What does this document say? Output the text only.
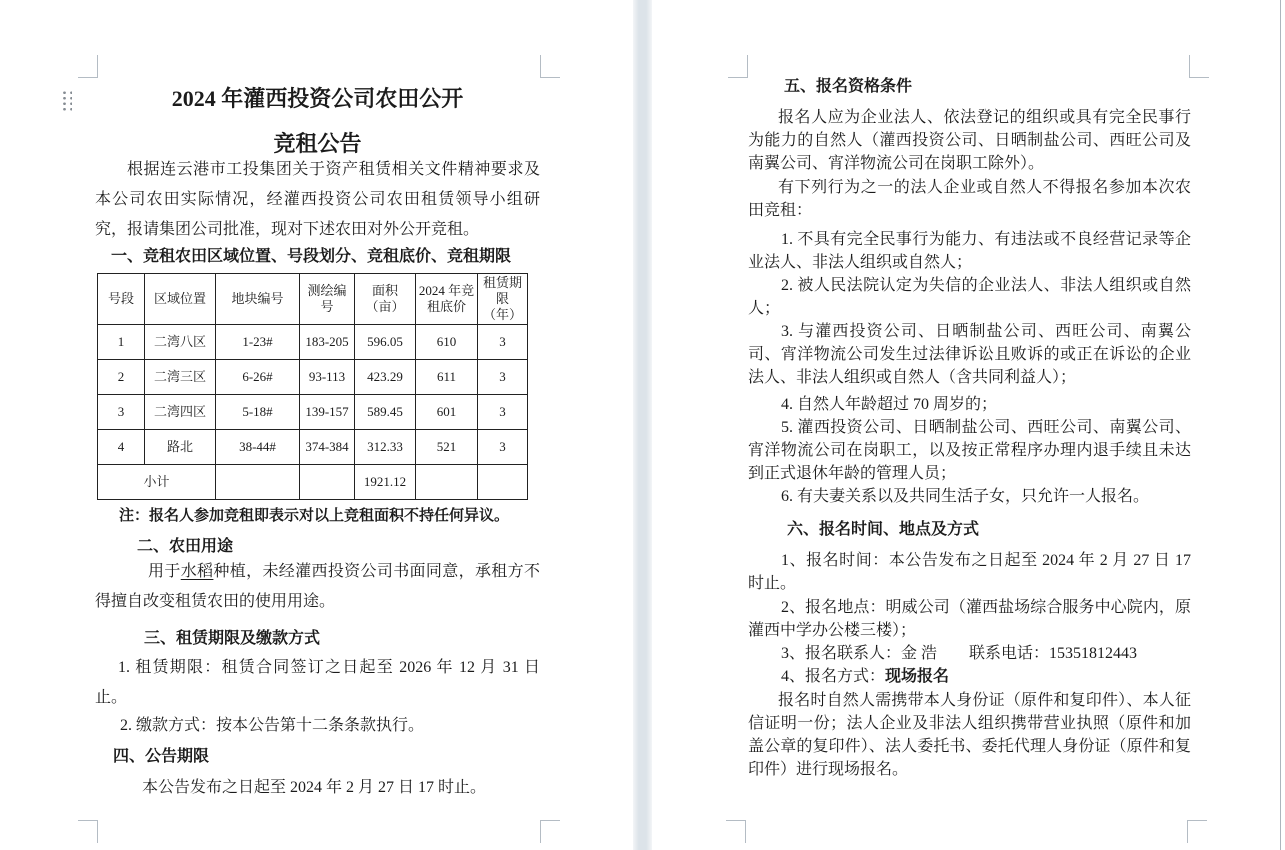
2024 年灌西投资公司农田公开
竞租公告
根据连云港市工投集团关于资产租赁相关文件精神要求及本公司农田实际情况，经灌西投资公司农田租赁领导小组研究，报请集团公司批准，现对下述农田对外公开竞租。
一、竞租农田区域位置、号段划分、竞租底价、竞租期限
号段	区域位置	地块编号	测绘编号	面积（亩）	2024 年竞租底价	租赁期限（年）
1	二湾八区	1-23#	183-205	596.05	610	3
2	二湾三区	6-26#	93-113	423.29	611	3
3	二湾四区	5-18#	139-157	589.45	601	3
4	路北	38-44#	374-384	312.33	521	3
小计				1921.12		
注：报名人参加竞租即表示对以上竞租面积不持任何异议。
二、农田用途
用于水稻种植，未经灌西投资公司书面同意，承租方不得擅自改变租赁农田的使用用途。
三、租赁期限及缴款方式
1. 租赁期限：租赁合同签订之日起至 2026 年 12 月 31 日止。
2. 缴款方式：按本公告第十二条条款执行。
四、公告期限
本公告发布之日起至 2024 年 2 月 27 日 17 时止。
五、报名资格条件
报名人应为企业法人、依法登记的组织或具有完全民事行为能力的自然人（灌西投资公司、日晒制盐公司、西旺公司及南翼公司、宵洋物流公司在岗职工除外）。
有下列行为之一的法人企业或自然人不得报名参加本次农田竞租：
1. 不具有完全民事行为能力、有违法或不良经营记录等企业法人、非法人组织或自然人；
2. 被人民法院认定为失信的企业法人、非法人组织或自然人；
3. 与灌西投资公司、日晒制盐公司、西旺公司、南翼公司、宵洋物流公司发生过法律诉讼且败诉的或正在诉讼的企业法人、非法人组织或自然人（含共同利益人）；
4. 自然人年龄超过 70 周岁的；
5. 灌西投资公司、日晒制盐公司、西旺公司、南翼公司、宵洋物流公司在岗职工，以及按正常程序办理内退手续且未达到正式退休年龄的管理人员；
6. 有夫妻关系以及共同生活子女，只允许一人报名。
六、报名时间、地点及方式
1、报名时间：本公告发布之日起至 2024 年 2 月 27 日 17 时止。
2、报名地点：明威公司（灌西盐场综合服务中心院内，原灌西中学办公楼三楼）；
3、报名联系人：金 浩　　联系电话：15351812443
4、报名方式：现场报名
报名时自然人需携带本人身份证（原件和复印件）、本人征信证明一份；法人企业及非法人组织携带营业执照（原件和加盖公章的复印件）、法人委托书、委托代理人身份证（原件和复印件）进行现场报名。
